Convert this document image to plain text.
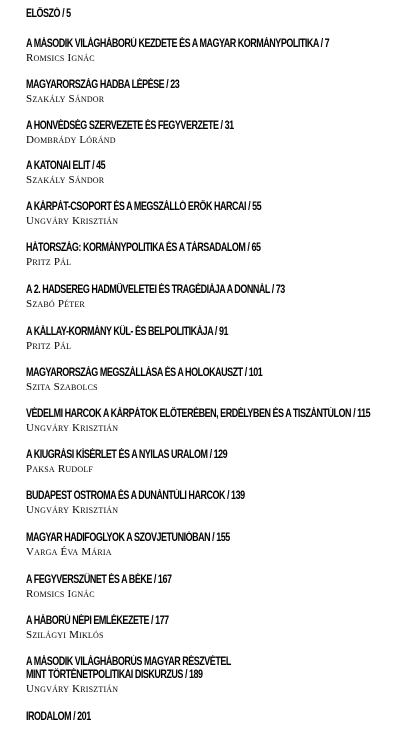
ELŐSZÓ / 5
A MÁSODIK VILÁGHÁBORÚ KEZDETE ÉS A MAGYAR KORMÁNYPOLITIKA / 7
Romsics Ignác
MAGYARORSZÁG HADBA LÉPÉSE / 23
Szakály Sándor
A HONVÉDSÉG SZERVEZETE ÉS FEGYVERZETE / 31
Dombrády Lóránd
A KATONAI ELIT / 45
Szakály Sándor
A KÁRPÁT-CSOPORT ÉS A MEGSZÁLLÓ ERŐK HARCAI / 55
Ungváry Krisztián
HÁTORSZÁG: KORMÁNYPOLITIKA ÉS A TÁRSADALOM / 65
Pritz Pál
A 2. HADSEREG HADMŰVELETEI ÉS TRAGÉDIÁJA A DONNÁL / 73
Szabó Péter
A KÁLLAY-KORMÁNY KÜL- ÉS BELPOLITIKÁJA / 91
Pritz Pál
MAGYARORSZÁG MEGSZÁLLÁSA ÉS A HOLOKAUSZT / 101
Szita Szabolcs
VÉDELMI HARCOK A KÁRPÁTOK ELŐTERÉBEN, ERDÉLYBEN ÉS A TISZÁNTÚLON / 115
Ungváry Krisztián
A KIUGRÁSI KÍSÉRLET ÉS A NYILAS URALOM / 129
Paksa Rudolf
BUDAPEST OSTROMA ÉS A DUNÁNTÚLI HARCOK / 139
Ungváry Krisztián
MAGYAR HADIFOGLYOK A SZOVJETUNIÓBAN / 155
Varga Éva Mária
A FEGYVERSZÜNET ÉS A BÉKE / 167
Romsics Ignác
A HÁBORÚ NÉPI EMLÉKEZETE / 177
Szilágyi Miklós
A MÁSODIK VILÁGHÁBORÚS MAGYAR RÉSZVÉTEL
MINT TÖRTÉNETPOLITIKAI DISKURZUS / 189
Ungváry Krisztián
IRODALOM / 201
